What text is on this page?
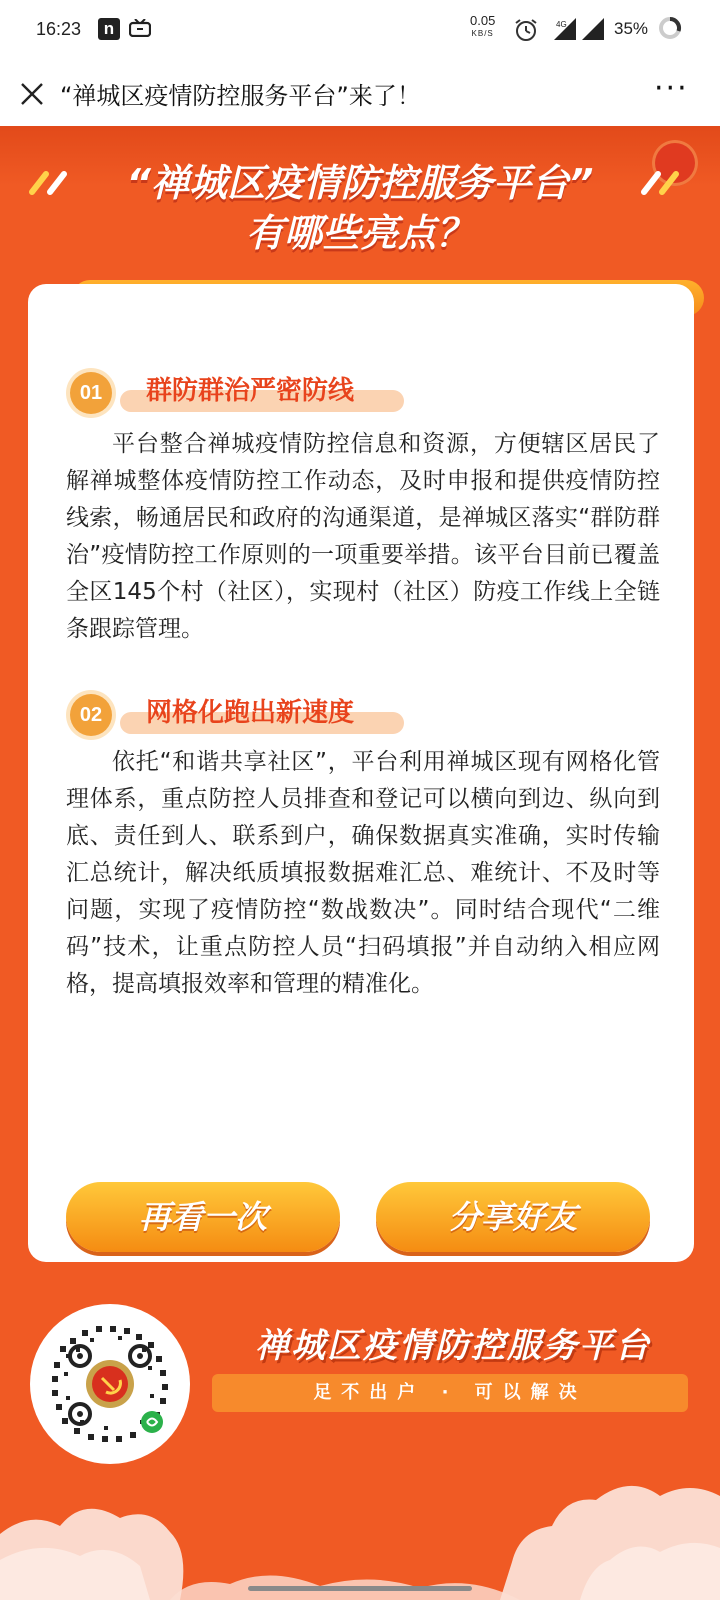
16:23	n	0.05
KB/S
4G	35%
“禅城区疫情防控服务平台”来了！	···
“禅城区疫情防控服务平台”
有哪些亮点？
01	群防群治严密防线
平台整合禅城疫情防控信息和资源，方便辖区居民了解禅城整体疫情防控工作动态，及时申报和提供疫情防控线索，畅通居民和政府的沟通渠道，是禅城区落实“群防群治”疫情防控工作原则的一项重要举措。该平台目前已覆盖全区145个村（社区），实现村（社区）防疫工作线上全链条跟踪管理。
02	网格化跑出新速度
依托“和谐共享社区”，平台利用禅城区现有网格化管理体系，重点防控人员排查和登记可以横向到边、纵向到底、责任到人、联系到户，确保数据真实准确，实时传输汇总统计，解决纸质填报数据难汇总、难统计、不及时等问题，实现了疫情防控“数战数决”。同时结合现代“二维码”技术，让重点防控人员“扫码填报”并自动纳入相应网格，提高填报效率和管理的精准化。
再看一次	分享好友
禅城区疫情防控服务平台
足不出户 · 可以解决
